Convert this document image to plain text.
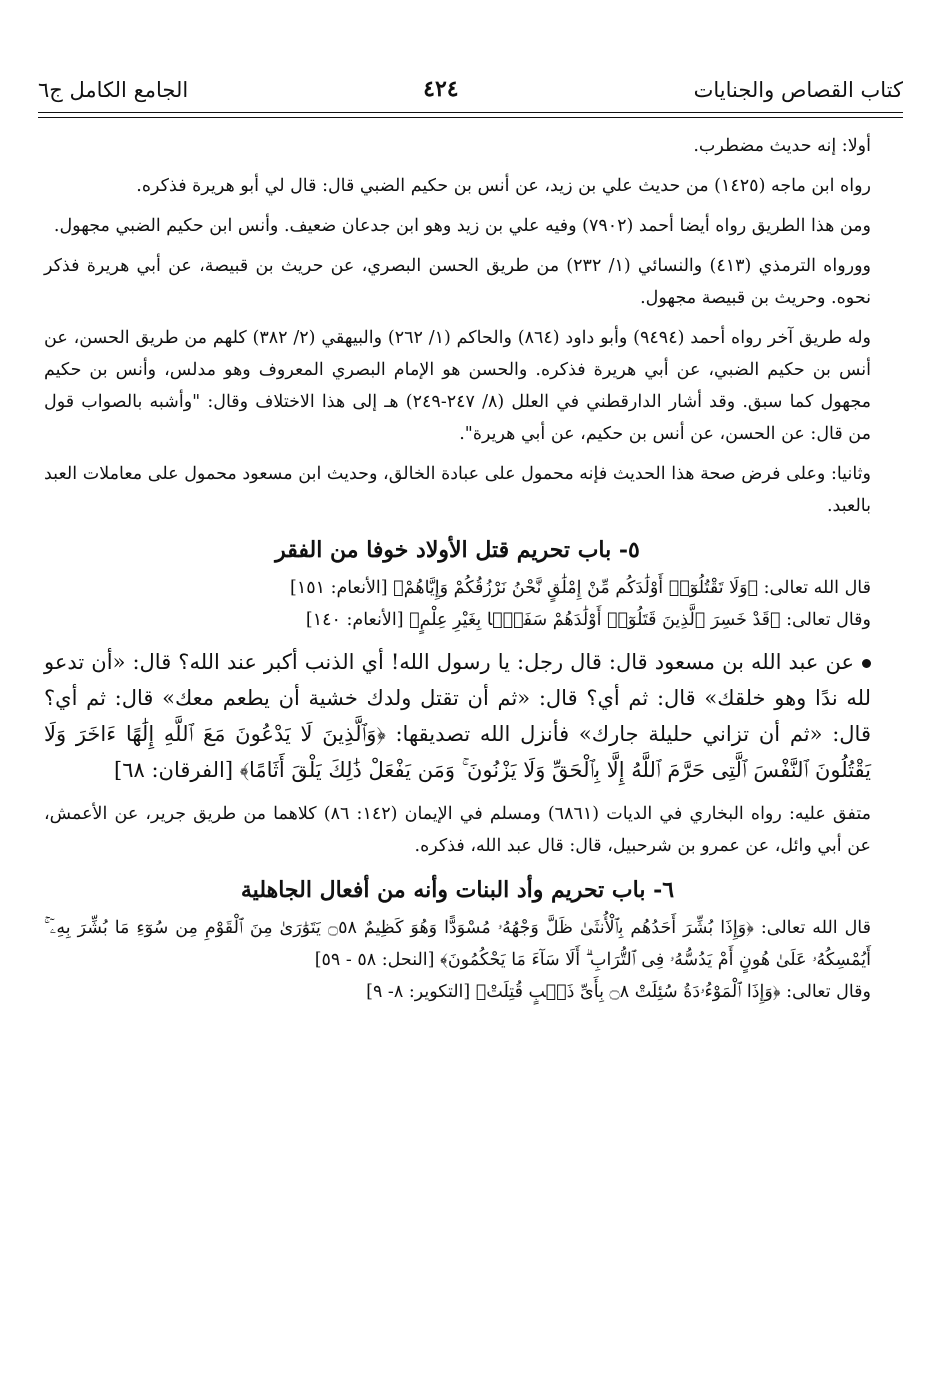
كتاب القصاص والجنايات
٤٢٤
الجامع الكامل ج٦

أولا: إنه حديث مضطرب.

رواه ابن ماجه (١٤٢٥) من حديث علي بن زيد، عن أنس بن حكيم الضبي قال: قال لي أبو هريرة فذكره.

ومن هذا الطريق رواه أيضا أحمد (٧٩٠٢) وفيه علي بن زيد وهو ابن جدعان ضعيف. وأنس ابن حكيم الضبي مجهول.

وورواه الترمذي (٤١٣) والنسائي (١/ ٢٣٢) من طريق الحسن البصري، عن حريث بن قبيصة، عن أبي هريرة فذكر نحوه. وحريث بن قبيصة مجهول.

وله طريق آخر رواه أحمد (٩٤٩٤) وأبو داود (٨٦٤) والحاكم (١/ ٢٦٢) والبيهقي (٢/ ٣٨٢) كلهم من طريق الحسن، عن أنس بن حكيم الضبي، عن أبي هريرة فذكره. والحسن هو الإمام البصري المعروف وهو مدلس، وأنس بن حكيم مجهول كما سبق. وقد أشار الدارقطني في العلل (٨/ ٢٤٧-٢٤٩) هـ إلى هذا الاختلاف وقال: "وأشبه بالصواب قول من قال: عن الحسن، عن أنس بن حكيم، عن أبي هريرة".

وثانيا: وعلى فرض صحة هذا الحديث فإنه محمول على عبادة الخالق، وحديث ابن مسعود محمول على معاملات العبد بالعبد.

٥- باب تحريم قتل الأولاد خوفا من الفقر

قال الله تعالى: ﴿وَلَا تَقْتُلُوٓا۟ أَوْلَٰدَكُم مِّنْ إِمْلَٰقٍ نَّحْنُ نَرْزُقُكُمْ وَإِيَّاهُمْ﴾ [الأنعام: ١٥١]

وقال تعالى: ﴿قَدْ خَسِرَ ٱلَّذِينَ قَتَلُوٓا۟ أَوْلَٰدَهُمْ سَفَهًۢا بِغَيْرِ عِلْمٍ﴾ [الأنعام: ١٤٠]

عن عبد الله بن مسعود قال: قال رجل: يا رسول الله! أي الذنب أكبر عند الله؟ قال: «أن تدعو لله ندًا وهو خلقك» قال: ثم أي؟ قال: «ثم أن تقتل ولدك خشية أن يطعم معك» قال: ثم أي؟ قال: «ثم أن تزاني حليلة جارك» فأنزل الله تصديقها: ﴿وَٱلَّذِينَ لَا يَدْعُونَ مَعَ ٱللَّهِ إِلَٰهًا ءَاخَرَ وَلَا يَقْتُلُونَ ٱلنَّفْسَ ٱلَّتِى حَرَّمَ ٱللَّهُ إِلَّا بِٱلْحَقِّ وَلَا يَزْنُونَ ۚ وَمَن يَفْعَلْ ذَٰلِكَ يَلْقَ أَثَامًا﴾ [الفرقان: ٦٨]

متفق عليه: رواه البخاري في الديات (٦٨٦١) ومسلم في الإيمان (١٤٢: ٨٦) كلاهما من طريق جرير، عن الأعمش، عن أبي وائل، عن عمرو بن شرحبيل، قال: قال عبد الله، فذكره.

٦- باب تحريم وأد البنات وأنه من أفعال الجاهلية

قال الله تعالى: ﴿وَإِذَا بُشِّرَ أَحَدُهُم بِٱلْأُنثَىٰ ظَلَّ وَجْهُهُۥ مُسْوَدًّا وَهُوَ كَظِيمٌ ۝٥٨ يَتَوَٰرَىٰ مِنَ ٱلْقَوْمِ مِن سُوٓءِ مَا بُشِّرَ بِهِۦٓ ۚ أَيُمْسِكُهُۥ عَلَىٰ هُونٍ أَمْ يَدُسُّهُۥ فِى ٱلتُّرَابِ ۗ أَلَا سَآءَ مَا يَحْكُمُونَ﴾ [النحل: ٥٨ - ٥٩]

وقال تعالى: ﴿وَإِذَا ٱلْمَوْءُۥدَةُ سُئِلَتْ ۝٨ بِأَىِّ ذَنۢبٍ قُتِلَتْ﴾ [التكوير: ٨- ٩]
